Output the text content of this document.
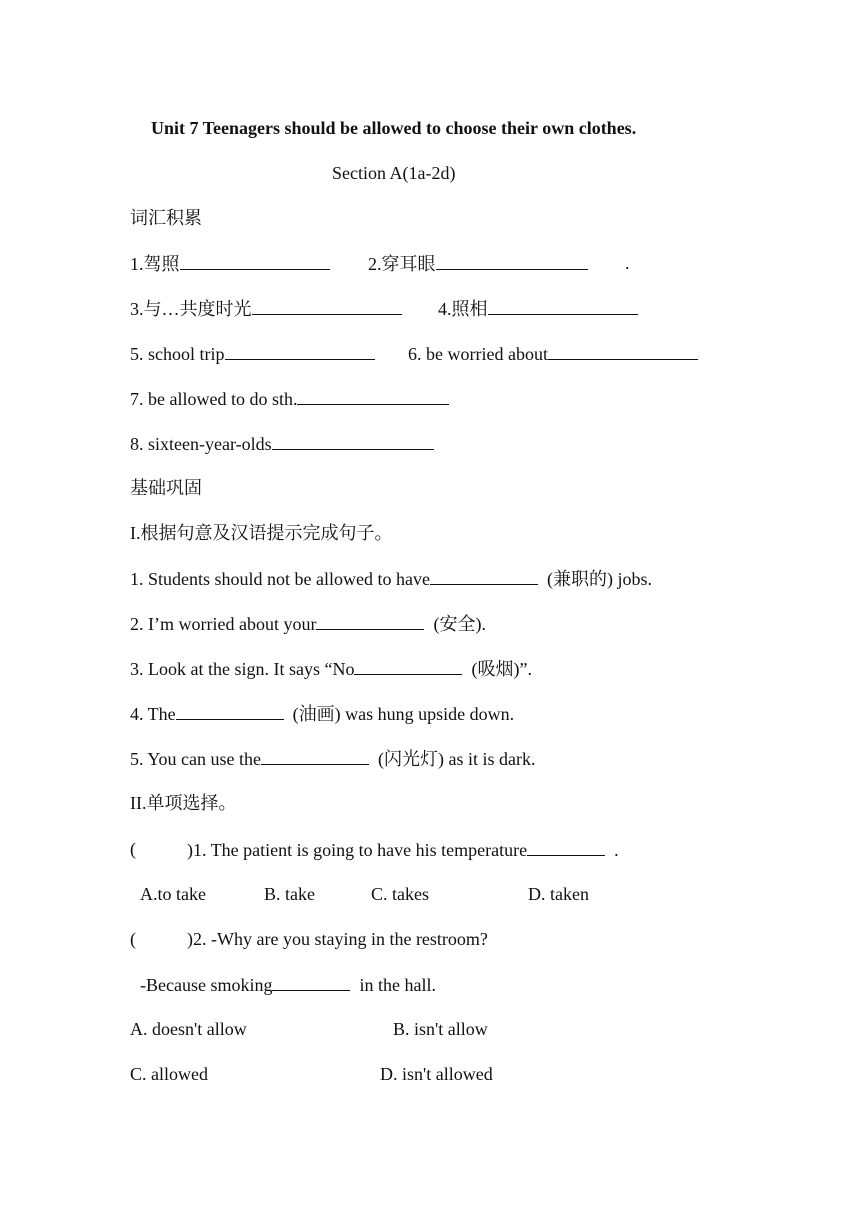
Unit 7 Teenagers should be allowed to choose their own clothes.
Section A(1a-2d)
词汇积累
1.驾照	2.穿耳眼	.
3.与…共度时光	4.照相
5. school trip	6. be worried about
7. be allowed to do sth.
8. sixteen-year-olds
基础巩固
I.根据句意及汉语提示完成句子。
1. Students should not be allowed to have	(兼职的) jobs.
2. I’m worried about your	(安全).
3. Look at the sign. It says “No	(吸烟)”.
4. The	(油画) was hung upside down.
5. You can use the	(闪光灯) as it is dark.
II.单项选择。
(	)1. The patient is going to have his temperature	.
A.to take	B. take	C. takes	D. taken
(	)2. -Why are you staying in the restroom?
-Because smoking	in the hall.
A. doesn't allow	B. isn't allow
C. allowed	D. isn't allowed
